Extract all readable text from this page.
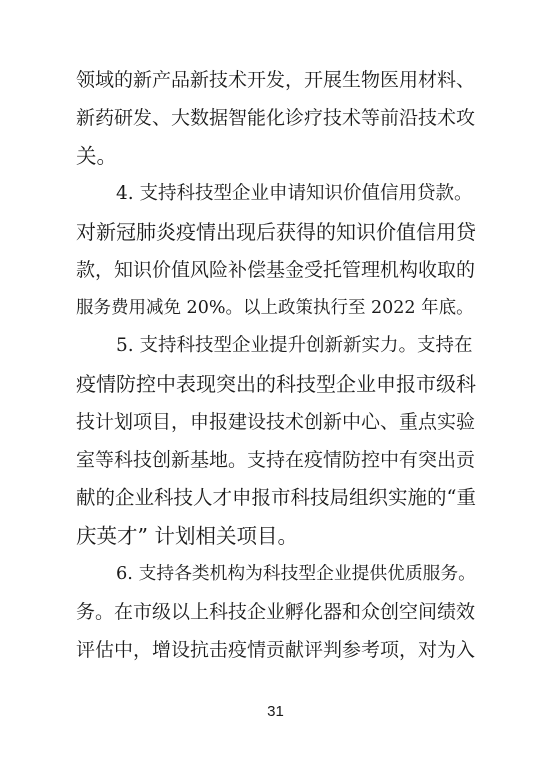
领域的新产品新技术开发，开展生物医用材料、
新药研发、大数据智能化诊疗技术等前沿技术攻
关。
4. 支持科技型企业申请知识价值信用贷款。
对新冠肺炎疫情出现后获得的知识价值信用贷
款，知识价值风险补偿基金受托管理机构收取的
服务费用减免 20%。以上政策执行至 2022 年底。
5. 支持科技型企业提升创新新实力。支持在
疫情防控中表现突出的科技型企业申报市级科
技计划项目，申报建设技术创新中心、重点实验
室等科技创新基地。支持在疫情防控中有突出贡
献的企业科技人才申报市科技局组织实施的“重
庆英才” 计划相关项目。
6. 支持各类机构为科技型企业提供优质服务。
务。在市级以上科技企业孵化器和众创空间绩效
评估中，增设抗击疫情贡献评判参考项，对为入
31
